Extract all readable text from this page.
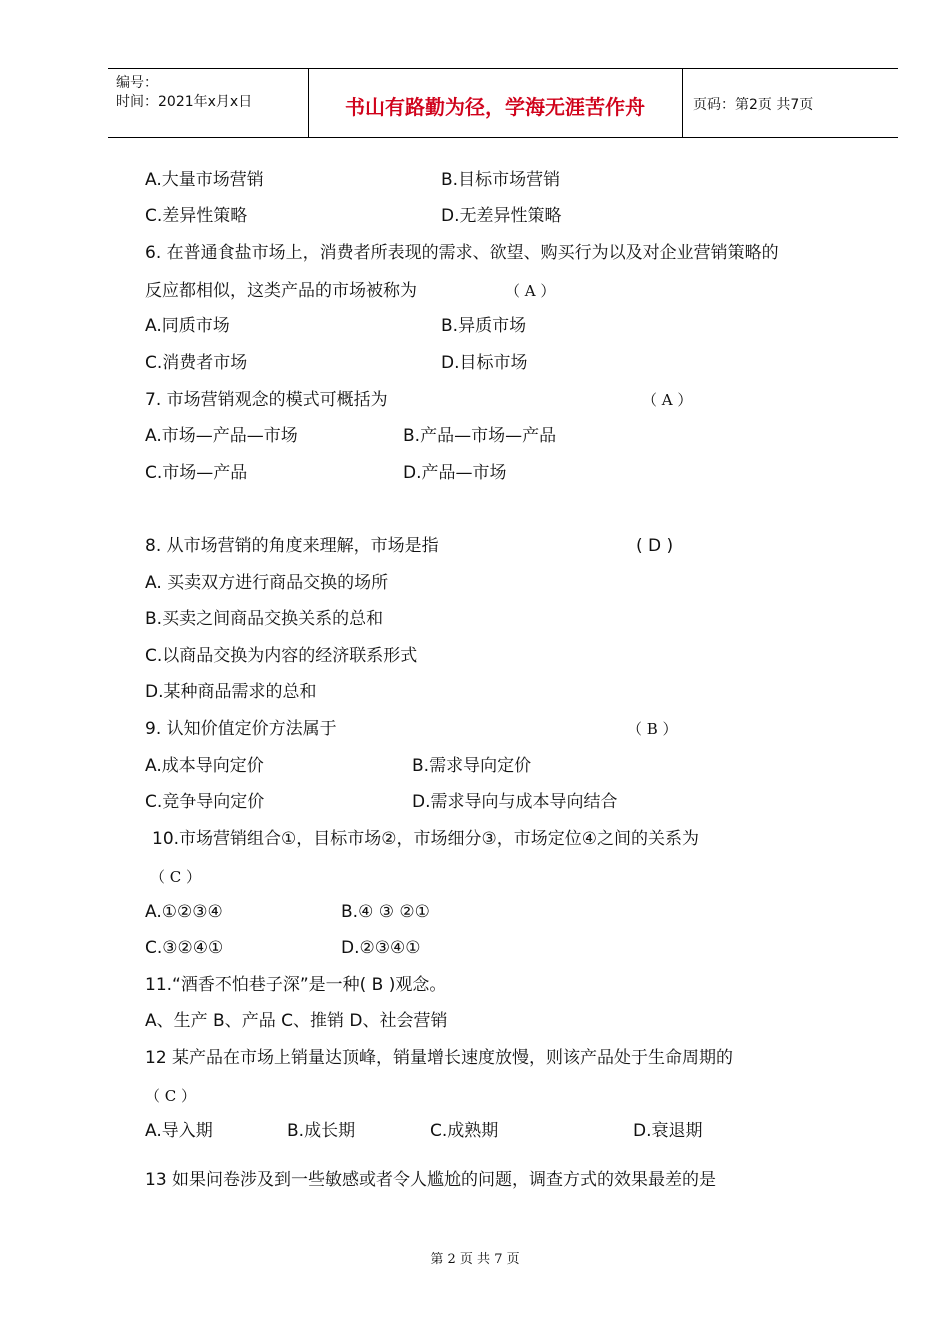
编号：
时间：2021年x月x日	书山有路勤为径，学海无涯苦作舟	页码：第2页 共7页
A.大量市场营销	B.目标市场营销
C.差异性策略	D.无差异性策略
6. 在普通食盐市场上，消费者所表现的需求、欲望、购买行为以及对企业营销策略的
反应都相似，这类产品的市场被称为	（ A ）
A.同质市场	B.异质市场
C.消费者市场	D.目标市场
7. 市场营销观念的模式可概括为	（ A ）
A.市场—产品—市场	B.产品—市场—产品
C.市场—产品	D.产品—市场
8. 从市场营销的角度来理解，市场是指	( D )
A. 买卖双方进行商品交换的场所
B.买卖之间商品交换关系的总和
C.以商品交换为内容的经济联系形式
D.某种商品需求的总和
9. 认知价值定价方法属于	（ B ）
A.成本导向定价	B.需求导向定价
C.竞争导向定价	D.需求导向与成本导向结合
10.市场营销组合①，目标市场②，市场细分③，市场定位④之间的关系为
（ C ）
A.①②③④	B.④ ③ ②①
C.③②④①	D.②③④①
11.“酒香不怕巷子深”是一种( B )观念。
A、生产 B、产品 C、推销 D、社会营销
12 某产品在市场上销量达顶峰，销量增长速度放慢，则该产品处于生命周期的
（ C ）
A.导入期	B.成长期	C.成熟期	D.衰退期
13 如果问卷涉及到一些敏感或者令人尴尬的问题，调查方式的效果最差的是
第 2 页 共 7 页
